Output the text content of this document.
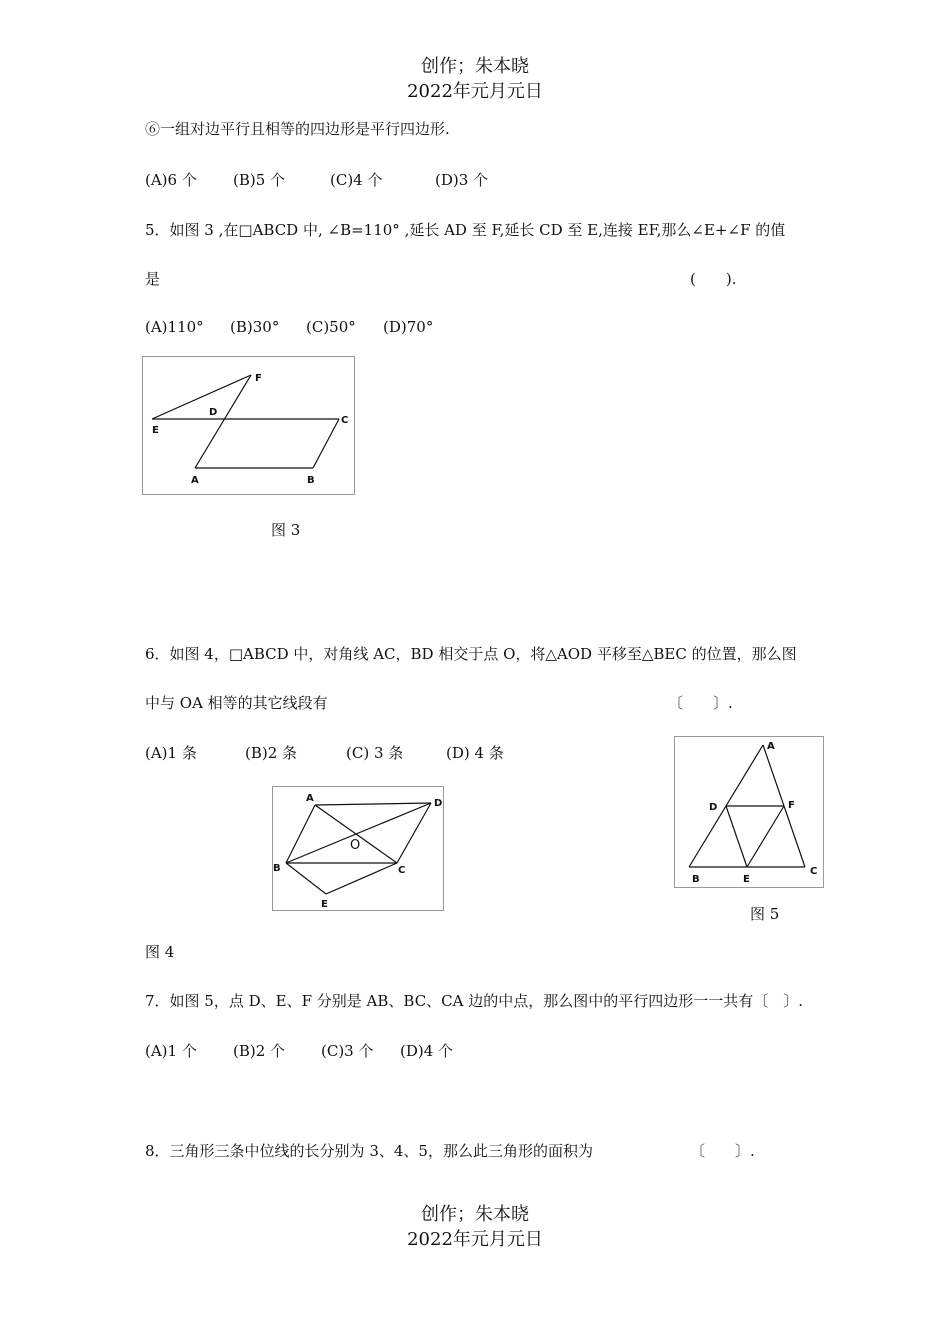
创作；朱本晓
2022年元月元日
⑥一组对边平行且相等的四边形是平行四边形.
(A)6 个 (B)5 个	(C)4 个	(D)3 个
5．如图 3 ,在□ABCD 中, ∠B=110° ,延长 AD 至 F,延长 CD 至 E,连接 EF,那么∠E+∠F 的值
是	(　　).
(A)110° (B)30° (C)50° (D)70°
F
D
C
E
A	B
图 3
6．如图 4，□ABCD 中，对角线 AC，BD 相交于点 O，将△AOD 平移至△BEC 的位置，那么图
中与 OA 相等的其它线段有	〔　　〕.
(A)1 条	(B)2 条	(C) 3 条	(D) 4 条
A	D
O
B	C
E
图 4
A
D	F
B	E
C
图 5
7．如图 5，点 D、E、F 分别是 AB、BC、CA 边的中点，那么图中的平行四边形一一共有〔　〕.
(A)1 个 (B)2 个 (C)3 个 (D)4 个
8．三角形三条中位线的长分别为 3、4、5，那么此三角形的面积为	〔　　〕.
创作；朱本晓
2022年元月元日
